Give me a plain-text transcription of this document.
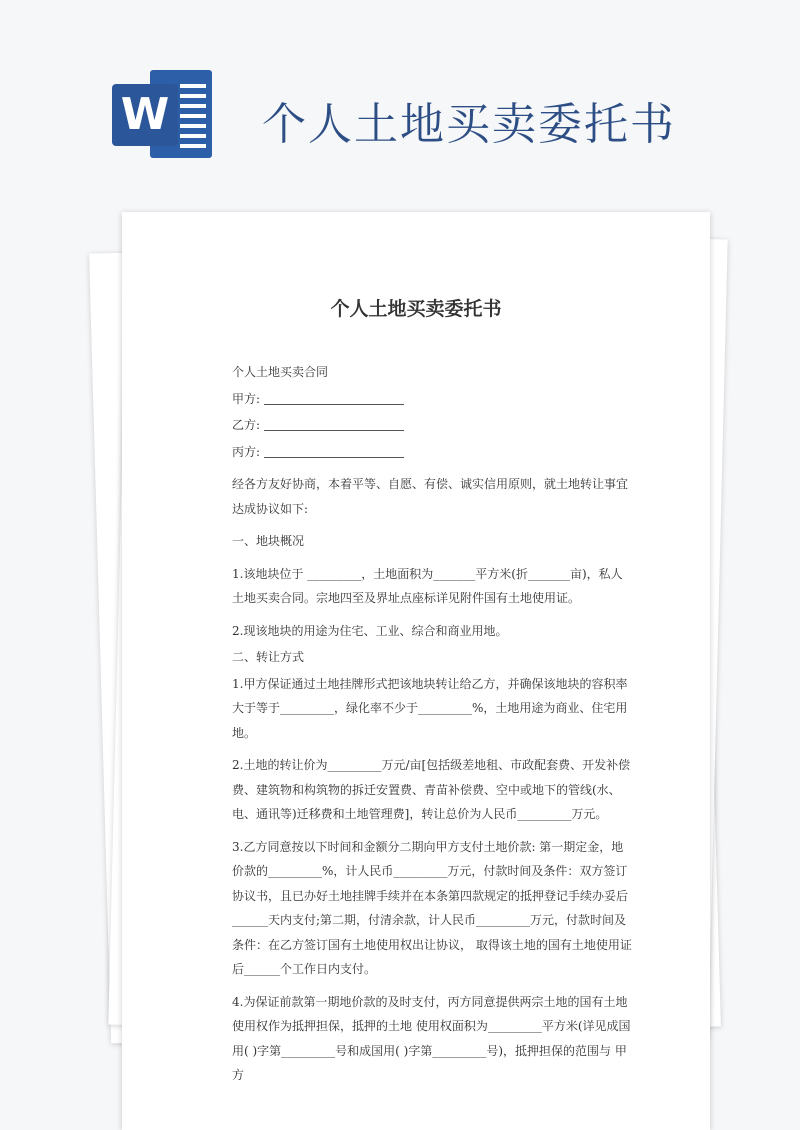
W 个人土地买卖委托书
个人土地买卖委托书

个人土地买卖合同

甲方:

乙方:

丙方:

经各方友好协商，本着平等、自愿、有偿、诚实信用原则，就土地转让事宜达成协议如下:

一、地块概况

1.该地块位于 _________，土地面积为_______平方米(折_______亩)，私人土地买卖合同。宗地四至及界址点座标详见附件国有土地使用证。

2.现该地块的用途为住宅、工业、综合和商业用地。

二、转让方式

1.甲方保证通过土地挂牌形式把该地块转让给乙方，并确保该地块的容积率大于等于_________，绿化率不少于_________%，土地用途为商业、住宅用地。

2.土地的转让价为_________万元/亩[包括级差地租、市政配套费、开发补偿费、建筑物和构筑物的拆迁安置费、青苗补偿费、空中或地下的管线(水、电、通讯等)迁移费和土地管理费]，转让总价为人民币_________万元。

3.乙方同意按以下时间和金额分二期向甲方支付土地价款: 第一期定金，地价款的_________%，计人民币_________万元，付款时间及条件：双方签订协议书，且已办好土地挂牌手续并在本条第四款规定的抵押登记手续办妥后______天内支付;第二期，付清余款，计人民币_________万元，付款时间及条件：在乙方签订国有土地使用权出让协议， 取得该土地的国有土地使用证后______个工作日内支付。

4.为保证前款第一期地价款的及时支付，丙方同意提供两宗土地的国有土地使用权作为抵押担保，抵押的土地 使用权面积为_________平方米(详见成国用( )字第_________号和成国用( )字第_________号)，抵押担保的范围与 甲方
